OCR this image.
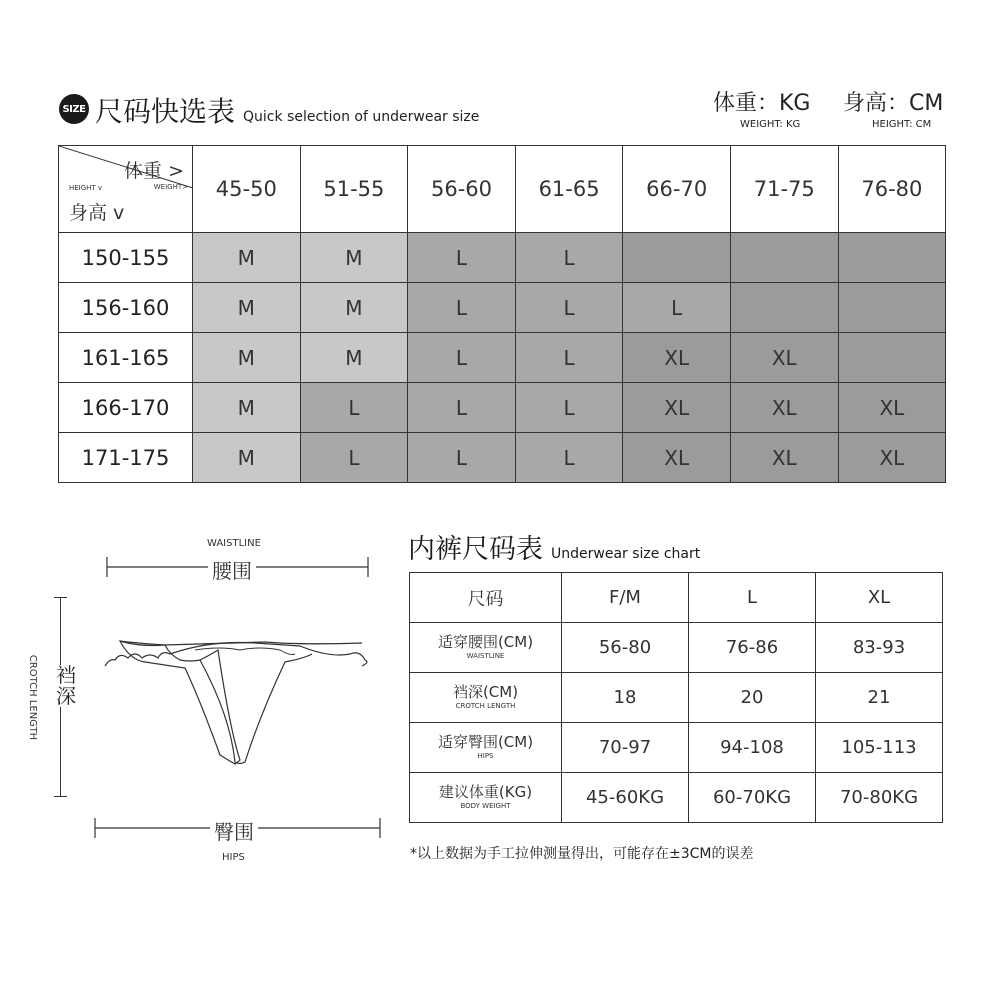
SIZE 尺码快选表 Quick selection of underwear size
体重：KG
WEIGHT: KG
身高：CM
HEIGHT: CM
体重 >
WEIGHT>
HEIGHT v
身高 v	45-50	51-55	56-60	61-65	66-70	71-75	76-80
150-155	M	M	L	L			
156-160	M	M	L	L	L		
161-165	M	M	L	L	XL	XL	
166-170	M	L	L	L	XL	XL	XL
171-175	M	L	L	L	XL	XL	XL
WAISTLINE
腰围
裆深
CROTCH LENGTH
臀围
HIPS
内裤尺码表 Underwear size chart
尺码	F/M	L	XL

适穿腰围(CM)
WAISTLINE	56-80	76-86	83-93

裆深(CM)
CROTCH LENGTH	18	20	21

适穿臀围(CM)
HIPS	70-97	94-108	105-113

建议体重(KG)
BODY WEIGHT	45-60KG	60-70KG	70-80KG
*以上数据为手工拉伸测量得出，可能存在±3CM的误差
